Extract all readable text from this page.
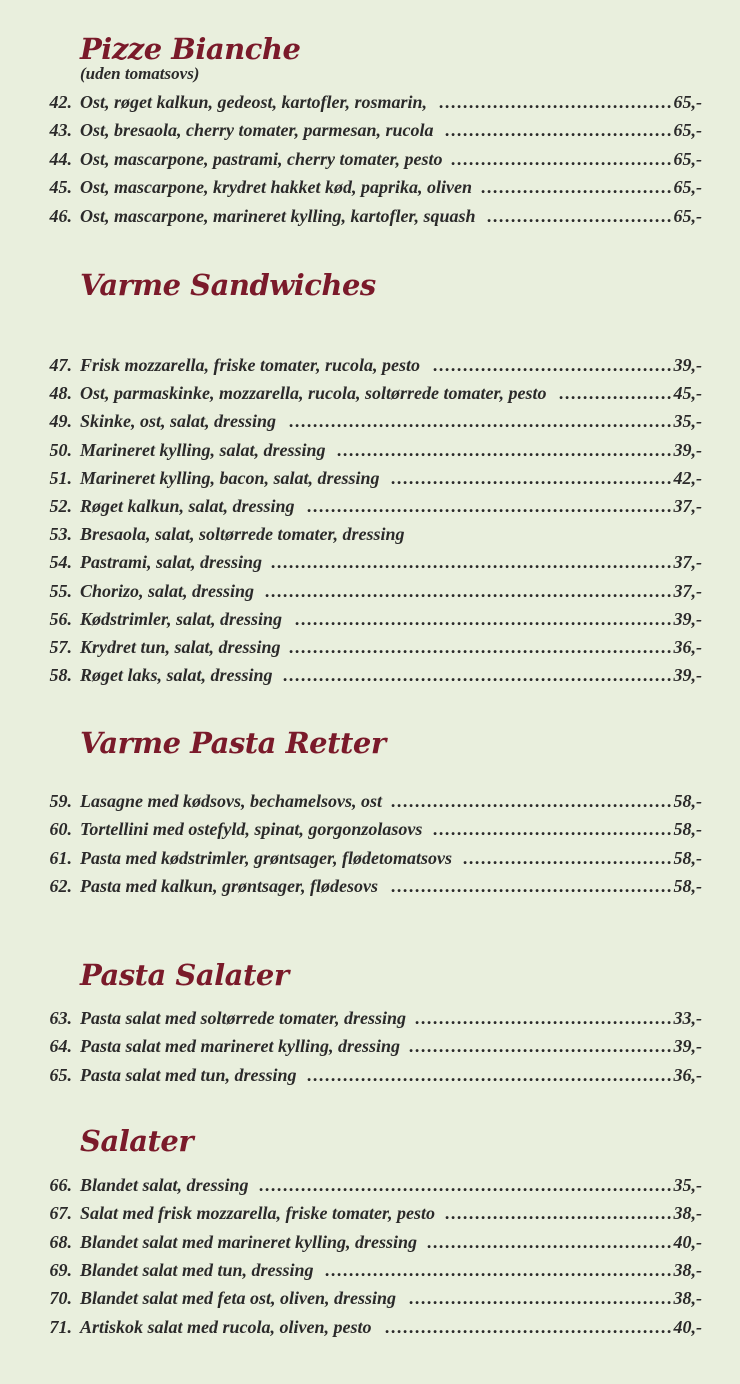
Pizze Bianche
(uden tomatsovs)
42. Ost, røget kalkun, gedeost, kartofler, rosmarin, .......................................65,-
43. Ost, bresaola, cherry tomater, parmesan, rucola ......................................65,-
44. Ost, mascarpone, pastrami, cherry tomater, pesto .....................................65,-
45. Ost, mascarpone, krydret hakket kød, paprika, oliven ................................65,-
46. Ost, mascarpone, marineret kylling, kartofler, squash ...............................65,-
Varme Sandwiches
47. Frisk mozzarella, friske tomater, rucola, pesto ........................................39,-
48. Ost, parmaskinke, mozzarella, rucola, soltørrede tomater, pesto ...................45,-
49. Skinke, ost, salat, dressing ................................................................35,-
50. Marineret kylling, salat, dressing ........................................................39,-
51. Marineret kylling, bacon, salat, dressing ...............................................42,-
52. Røget kalkun, salat, dressing .............................................................37,-
53. Bresaola, salat, soltørrede tomater, dressing
54. Pastrami, salat, dressing ...................................................................37,-
55. Chorizo, salat, dressing ....................................................................37,-
56. Kødstrimler, salat, dressing ...............................................................39,-
57. Krydret tun, salat, dressing ................................................................36,-
58. Røget laks, salat, dressing .................................................................39,-
Varme Pasta Retter
59. Lasagne med kødsovs, bechamelsovs, ost ...............................................58,-
60. Tortellini med ostefyld, spinat, gorgonzolasovs ........................................58,-
61. Pasta med kødstrimler, grøntsager, flødetomatsovs ...................................58,-
62. Pasta med kalkun, grøntsager, flødesovs ...............................................58,-
Pasta Salater
63. Pasta salat med soltørrede tomater, dressing ...........................................33,-
64. Pasta salat med marineret kylling, dressing ............................................39,-
65. Pasta salat med tun, dressing .............................................................36,-
Salater
66. Blandet salat, dressing .....................................................................35,-
67. Salat med frisk mozzarella, friske tomater, pesto ......................................38,-
68. Blandet salat med marineret kylling, dressing .........................................40,-
69. Blandet salat med tun, dressing ..........................................................38,-
70. Blandet salat med feta ost, oliven, dressing ............................................38,-
71. Artiskok salat med rucola, oliven, pesto ................................................40,-
